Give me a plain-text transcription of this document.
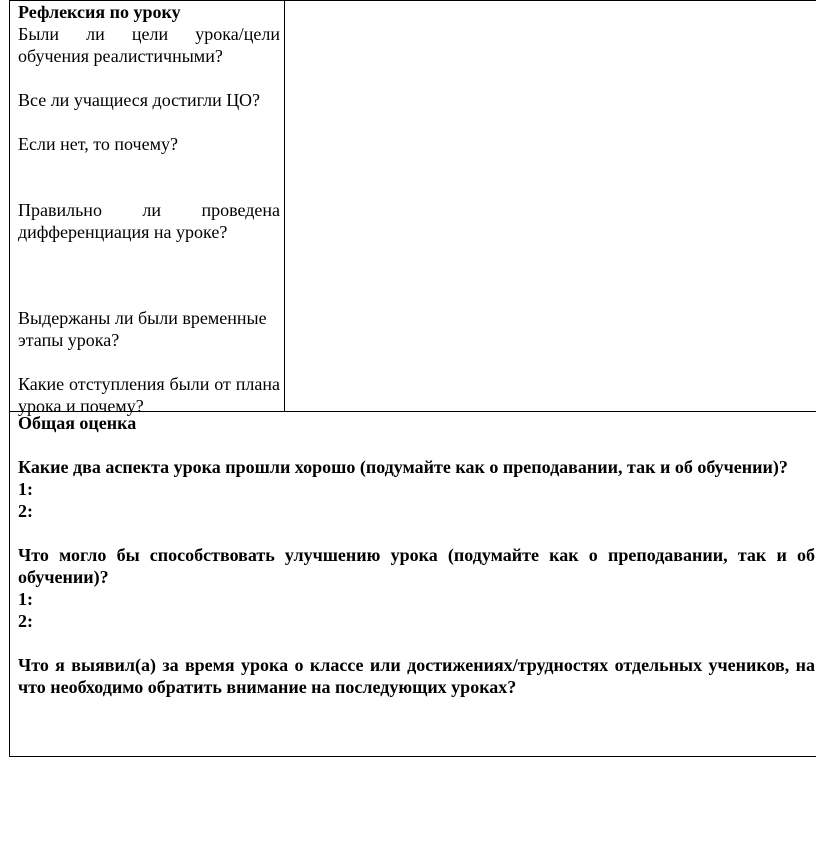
Рефлексия по уроку

Были ли цели урока/цели обучения реалистичными?

Все ли учащиеся достигли ЦО?

Если нет, то почему?

Правильно ли проведена дифференциация на уроке?

Выдержаны ли были временные этапы урока?

Какие отступления были от плана урока и почему?

Общая оценка

Какие два аспекта урока прошли хорошо (подумайте как о преподавании, так и об обучении)?

1:

2:

Что могло бы способствовать улучшению урока (подумайте как о преподавании, так и об обучении)?

1:

2:

Что я выявил(а) за время урока о классе или достижениях/трудностях отдельных учеников, на что необходимо обратить внимание на последующих уроках?
